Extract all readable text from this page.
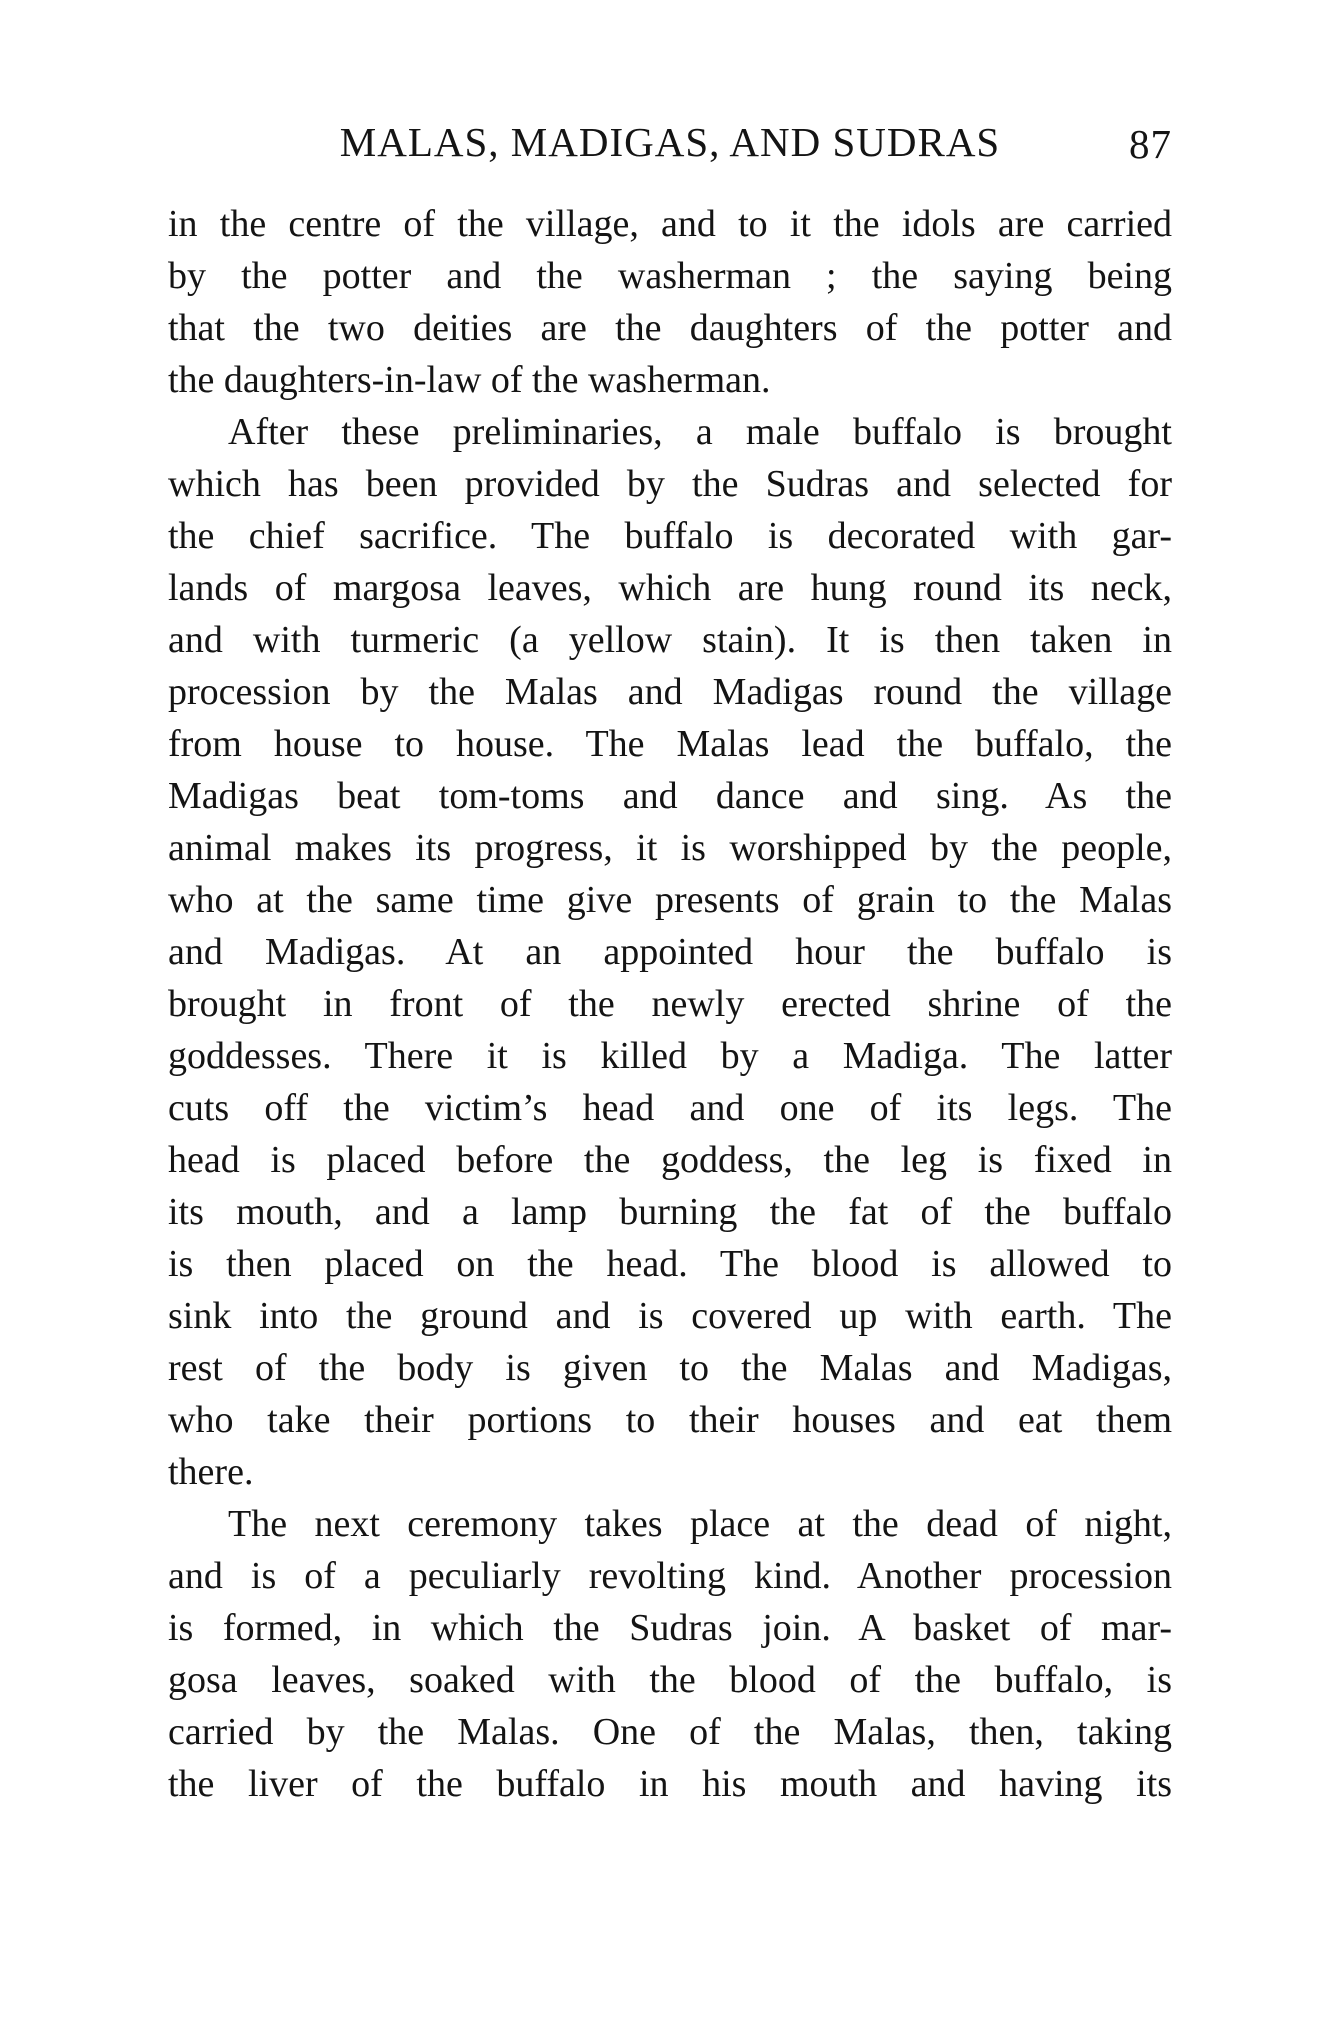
MALAS, MADIGAS, AND SUDRAS	87
in the centre of the village, and to it the idols are carried
by the potter and the washerman ; the saying being
that the two deities are the daughters of the potter and
the daughters-in-law of the washerman.
After these preliminaries, a male buffalo is brought
which has been provided by the Sudras and selected for
the chief sacrifice. The buffalo is decorated with gar-
lands of margosa leaves, which are hung round its neck,
and with turmeric (a yellow stain). It is then taken in
procession by the Malas and Madigas round the village
from house to house. The Malas lead the buffalo, the
Madigas beat tom-toms and dance and sing. As the
animal makes its progress, it is worshipped by the people,
who at the same time give presents of grain to the Malas
and Madigas. At an appointed hour the buffalo is
brought in front of the newly erected shrine of the
goddesses. There it is killed by a Madiga. The latter
cuts off the victim’s head and one of its legs. The
head is placed before the goddess, the leg is fixed in
its mouth, and a lamp burning the fat of the buffalo
is then placed on the head. The blood is allowed to
sink into the ground and is covered up with earth. The
rest of the body is given to the Malas and Madigas,
who take their portions to their houses and eat them
there.
The next ceremony takes place at the dead of night,
and is of a peculiarly revolting kind. Another procession
is formed, in which the Sudras join. A basket of mar-
gosa leaves, soaked with the blood of the buffalo, is
carried by the Malas. One of the Malas, then, taking
the liver of the buffalo in his mouth and having its
